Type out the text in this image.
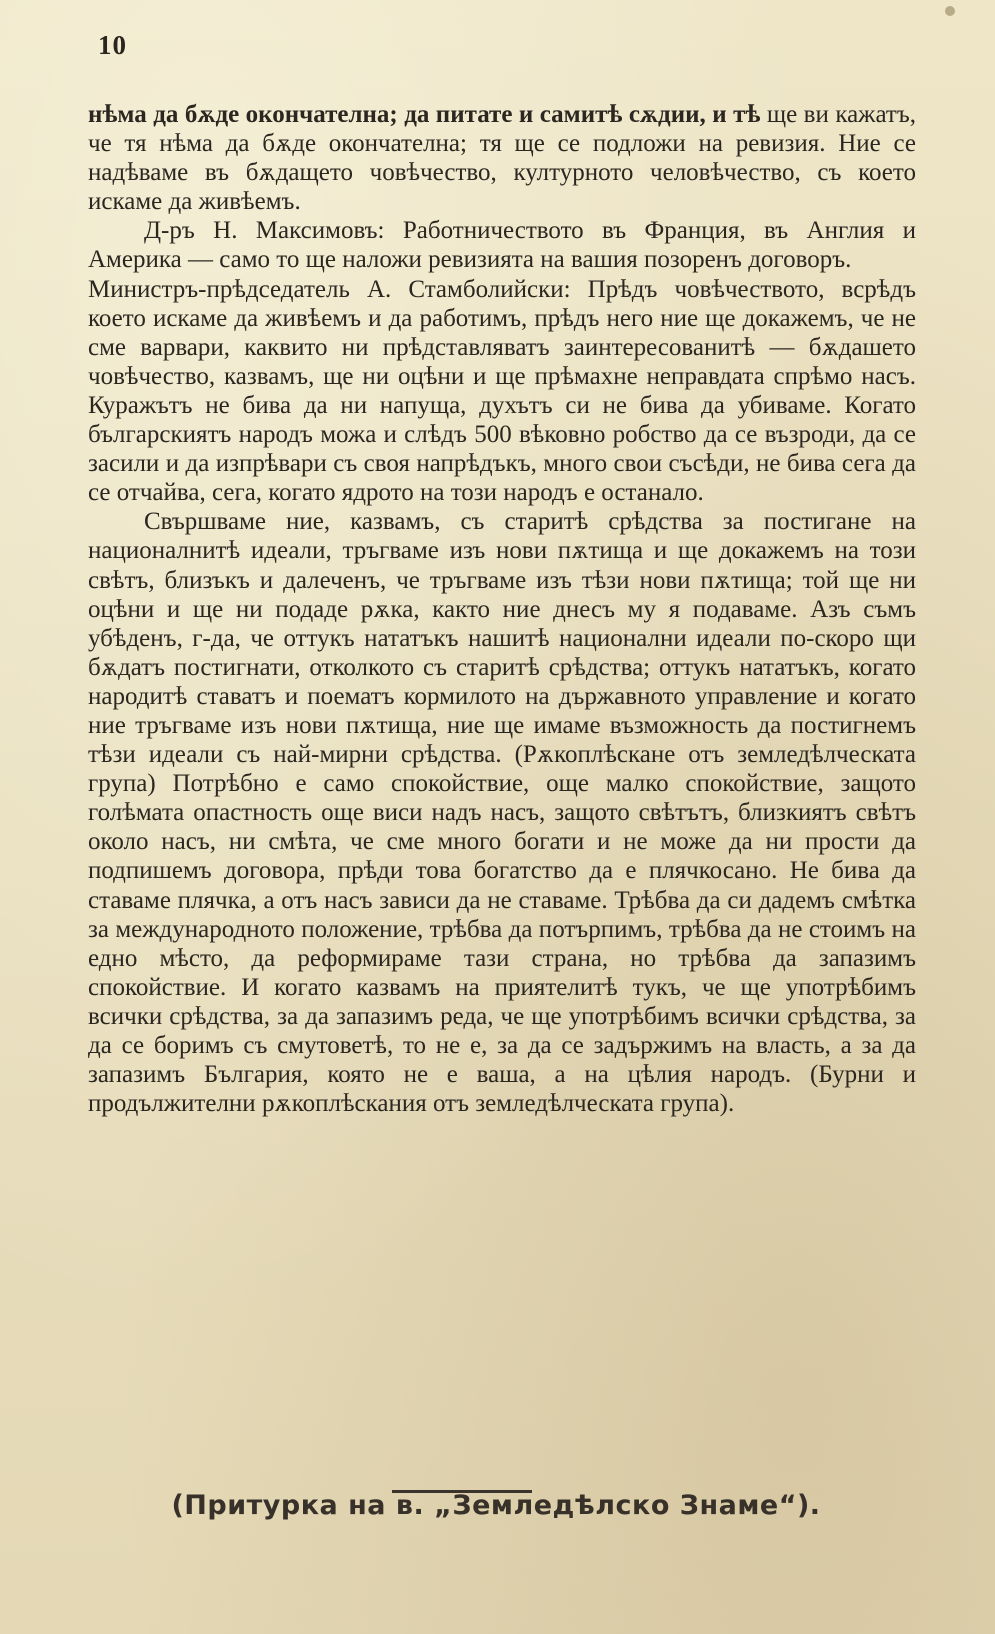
10

нѣма да бѫде окончателна; да питате и самитѣ сѫдии, и тѣ ще ви кажатъ, че тя нѣма да бѫде окончателна; тя ще се подложи на ревизия. Ние се надѣваме въ бѫдащето човѣчество, културното человѣчество, съ което искаме да живѣемъ.

Д-ръ Н. Максимовъ: Работничеството въ Франция, въ Англия и Америка — само то ще наложи ревизията на вашия позоренъ договоръ.

Министръ-прѣдседатель А. Стамболийски: Прѣдъ човѣчеството, всрѣдъ което искаме да живѣемъ и да работимъ, прѣдъ него ние ще докажемъ, че не сме варвари, каквито ни прѣдставляватъ заинтересованитѣ — бѫдашето човѣчество, казвамъ, ще ни оцѣни и ще прѣмахне неправдата спрѣмо насъ. Куражътъ не бива да ни напуща, духътъ си не бива да убиваме. Когато българскиятъ народъ можа и слѣдъ 500 вѣковно робство да се възроди, да се засили и да изпрѣвари съ своя напрѣдъкъ, много свои съсѣди, не бива сега да се отчайва, сега, когато ядрото на този народъ е останало.

Свършваме ние, казвамъ, съ старитѣ срѣдства за постигане на националнитѣ идеали, тръгваме изъ нови пѫтища и ще докажемъ на този свѣтъ, близъкъ и далеченъ, че тръгваме изъ тѣзи нови пѫтища; той ще ни оцѣни и ще ни подаде рѫка, както ние днесъ му я подаваме. Азъ съмъ убѣденъ, г-да, че оттукъ нататъкъ нашитѣ национални идеали по-скоро щи бѫдатъ постигнати, отколкото съ старитѣ срѣдства; оттукъ нататъкъ, когато народитѣ ставатъ и поематъ кормилото на държавното управление и когато ние тръгваме изъ нови пѫтища, ние ще имаме възможность да постигнемъ тѣзи идеали съ най-мирни срѣдства. (Рѫкоплѣскане отъ земледѣлческата група) Потрѣбно е само спокойствие, още малко спокойствие, защото голѣмата опастность още виси надъ насъ, защото свѣтътъ, близкиятъ свѣтъ около насъ, ни смѣта, че сме много богати и не може да ни прости да подпишемъ договора, прѣди това богатство да е плячкосано. Не бива да ставаме плячка, а отъ насъ зависи да не ставаме. Трѣбва да си дадемъ смѣтка за международното положение, трѣбва да потърпимъ, трѣбва да не стоимъ на едно мѣсто, да реформираме тази страна, но трѣбва да запазимъ спокойствие. И когато казвамъ на приятелитѣ тукъ, че ще употрѣбимъ всички срѣдства, за да запазимъ реда, че ще употрѣбимъ всички срѣдства, за да се боримъ съ смутоветѣ, то не е, за да се задържимъ на власть, а за да запазимъ България, която не е ваша, а на цѣлия народъ. (Бурни и продължителни рѫкоплѣскания отъ земледѣлческата група).

(Притурка на в. „Земледѣлско Знаме“).
